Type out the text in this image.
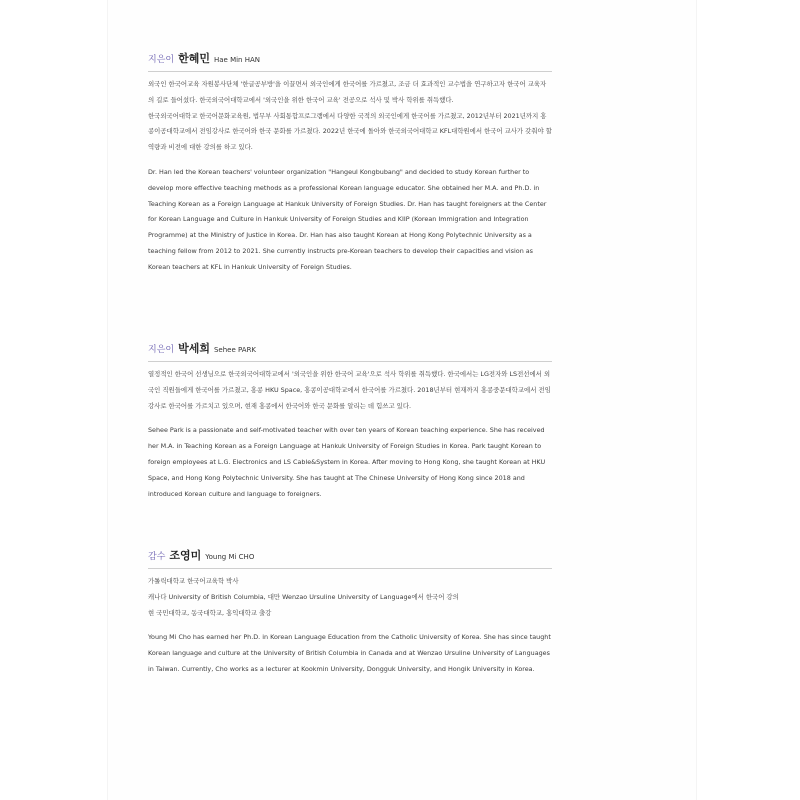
지은이 한혜민 Hae Min HAN

외국인 한국어교육 자원봉사단체 '한글공부방'을 이끌면서 외국인에게 한국어를 가르쳤고, 조금 더 효과적인 교수법을 연구하고자 한국어 교육자의 길로 들어섰다. 한국외국어대학교에서 '외국인을 위한 한국어 교육' 전공으로 석사 및 박사 학위를 취득했다.

한국외국어대학교 한국어문화교육원, 법무부 사회통합프로그램에서 다양한 국적의 외국인에게 한국어를 가르쳤고, 2012년부터 2021년까지 홍콩이공대학교에서 전임강사로 한국어와 한국 문화를 가르쳤다. 2022년 한국에 돌아와 한국외국어대학교 KFL대학원에서 한국어 교사가 갖춰야 할 역량과 비전에 대한 강의를 하고 있다.

Dr. Han led the Korean teachers' volunteer organization "Hangeul Kongbubang" and decided to study Korean further to develop more effective teaching methods as a professional Korean language educator. She obtained her M.A. and Ph.D. in Teaching Korean as a Foreign Language at Hankuk University of Foreign Studies. Dr. Han has taught foreigners at the Center for Korean Language and Culture in Hankuk University of Foreign Studies and KIIP (Korean Immigration and Integration Programme) at the Ministry of Justice in Korea. Dr. Han has also taught Korean at Hong Kong Polytechnic University as a teaching fellow from 2012 to 2021. She currently instructs pre-Korean teachers to develop their capacities and vision as Korean teachers at KFL in Hankuk University of Foreign Studies.

지은이 박세희 Sehee PARK

열정적인 한국어 선생님으로 한국외국어대학교에서 '외국인을 위한 한국어 교육'으로 석사 학위를 취득했다. 한국에서는 LG전자와 LS전선에서 외국인 직원들에게 한국어를 가르쳤고, 홍콩 HKU Space, 홍콩이공대학교에서 한국어를 가르쳤다. 2018년부터 현재까지 홍콩중문대학교에서 전임강사로 한국어를 가르치고 있으며, 현재 홍콩에서 한국어와 한국 문화를 알리는 데 힘쓰고 있다.

Sehee Park is a passionate and self-motivated teacher with over ten years of Korean teaching experience. She has received her M.A. in Teaching Korean as a Foreign Language at Hankuk University of Foreign Studies in Korea. Park taught Korean to foreign employees at L.G. Electronics and LS Cable&System in Korea. After moving to Hong Kong, she taught Korean at HKU Space, and Hong Kong Polytechnic University. She has taught at The Chinese University of Hong Kong since 2018 and introduced Korean culture and language to foreigners.

감수 조영미 Young Mi CHO

가톨릭대학교 한국어교육학 박사

캐나다 University of British Columbia, 대만 Wenzao Ursuline University of Language에서 한국어 강의

현 국민대학교, 동국대학교, 홍익대학교 출강

Young Mi Cho has earned her Ph.D. in Korean Language Education from the Catholic University of Korea. She has since taught Korean language and culture at the University of British Columbia in Canada and at Wenzao Ursuline University of Languages in Taiwan. Currently, Cho works as a lecturer at Kookmin University, Dongguk University, and Hongik University in Korea.
